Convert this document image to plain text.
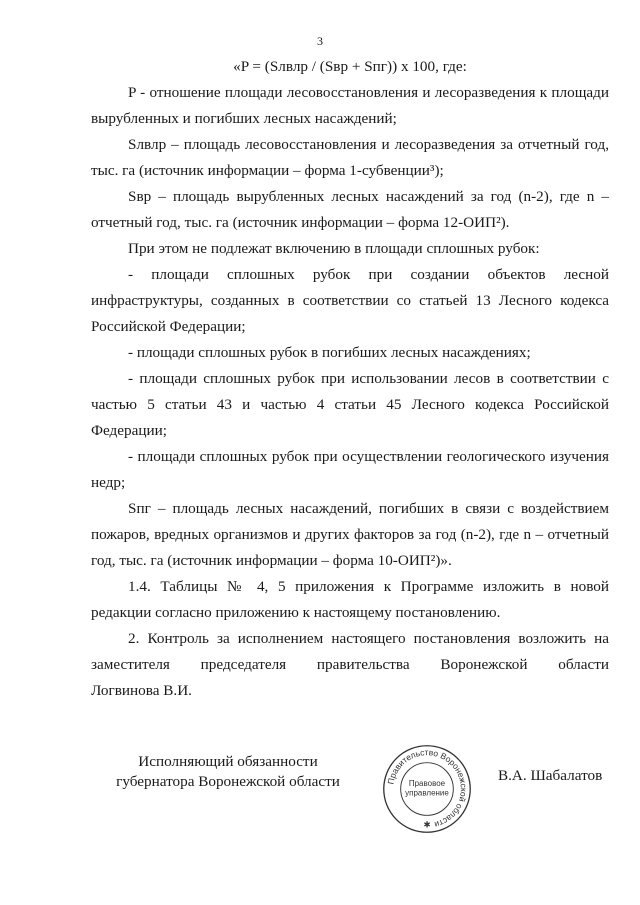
3

«P = (Sлвлр / (Sвр + Sпг)) x 100, где:

P - отношение площади лесовосстановления и лесоразведения к площади вырубленных и погибших лесных насаждений;

Sлвлр – площадь лесовосстановления и лесоразведения за отчетный год, тыс. га (источник информации – форма 1-субвенции³);

Sвр – площадь вырубленных лесных насаждений за год (n-2), где n – отчетный год, тыс. га (источник информации – форма 12-ОИП²).

При этом не подлежат включению в площади сплошных рубок:

- площади сплошных рубок при создании объектов лесной инфраструктуры, созданных в соответствии со статьей 13 Лесного кодекса Российской Федерации;

- площади сплошных рубок в погибших лесных насаждениях;

- площади сплошных рубок при использовании лесов в соответствии с частью 5 статьи 43 и частью 4 статьи 45 Лесного кодекса Российской Федерации;

- площади сплошных рубок при осуществлении геологического изучения недр;

Sпг – площадь лесных насаждений, погибших в связи с воздействием пожаров, вредных организмов и других факторов за год (n-2), где n – отчетный год, тыс. га (источник информации – форма 10-ОИП²)».

1.4. Таблицы № 4, 5 приложения к Программе изложить в новой редакции согласно приложению к настоящему постановлению.

2. Контроль за исполнением настоящего постановления возложить на

заместителя председателя правительства Воронежской области

Логвинова В.И.

Исполняющий обязанности
губернатора Воронежской области	Правительство Воронежской области
Правовое
управление
✱
В.А. Шабалатов
